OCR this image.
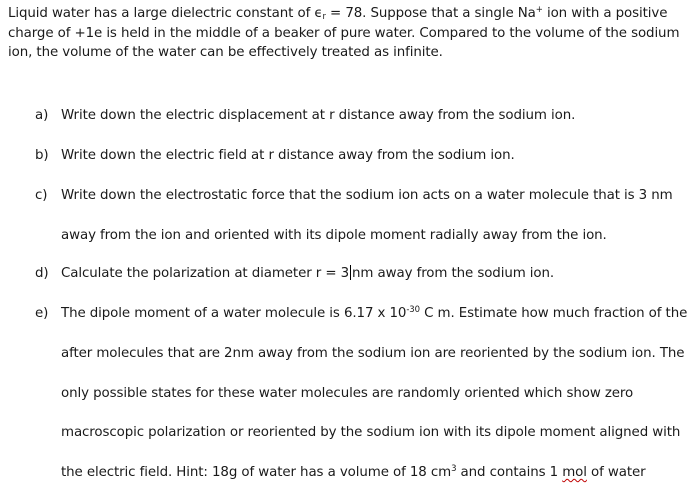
Liquid water has a large dielectric constant of $\epsilon_r = 78$. Suppose that a single Na+ ion with a positive charge of +1e is held in the middle of a beaker of pure water. Compared to the volume of the sodium ion, the volume of the water can be effectively treated as infinite.
a) Write down the electric displacement at r distance away from the sodium ion.
b) Write down the electric field at r distance away from the sodium ion.
c) Write down the electrostatic force that the sodium ion acts on a water molecule that is 3 nm
away from the ion and oriented with its dipole moment radially away from the ion.
d) Calculate the polarization at diameter r = 3 nm away from the sodium ion.
e) The dipole moment of a water molecule is 6.17 x $10^{-30}$ C m. Estimate how much fraction of the
after molecules that are 2nm away from the sodium ion are reoriented by the sodium ion. The
only possible states for these water molecules are randomly oriented which show zero
macroscopic polarization or reoriented by the sodium ion with its dipole moment aligned with
the electric field. Hint: 18g of water has a volume of 18 $cm^3$ and contains 1 mol of water
